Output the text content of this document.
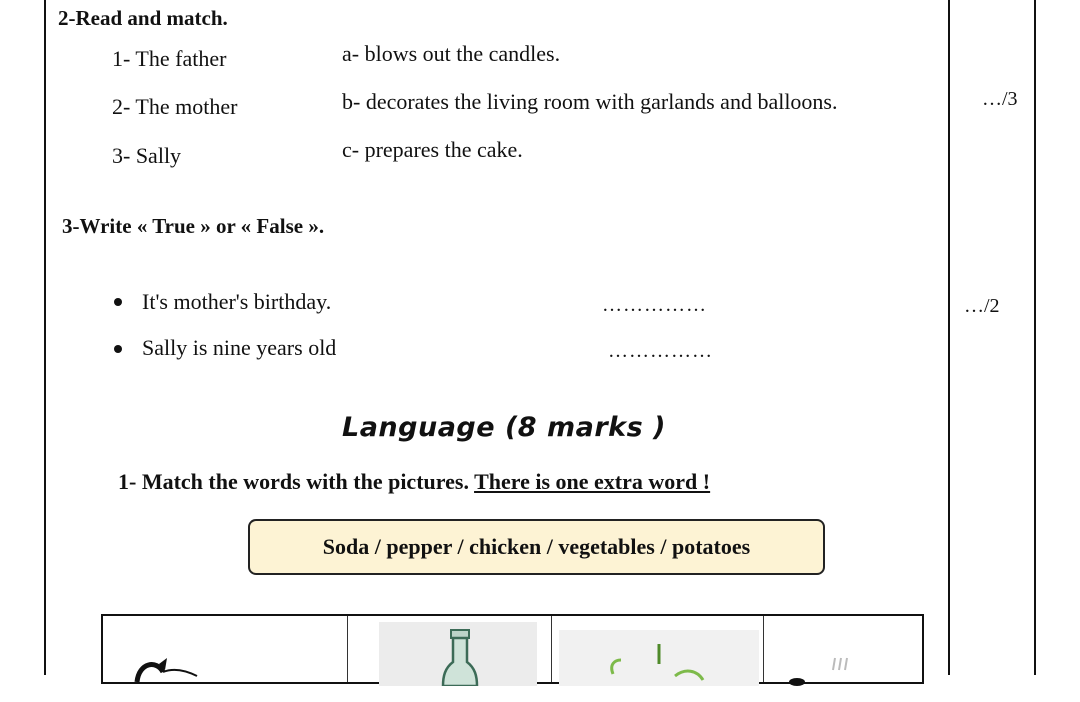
2-Read and match.
1- The father
2- The mother
3- Sally
a- blows out the candles.
b- decorates the living room with garlands and balloons.
c- prepares the cake.
…/3
3-Write « True » or « False ».
It's mother's birthday.	……………
Sally is nine years old	……………
…/2
Language (8 marks )
1- Match the words with the pictures. There is one extra word !
Soda / pepper / chicken / vegetables / potatoes
